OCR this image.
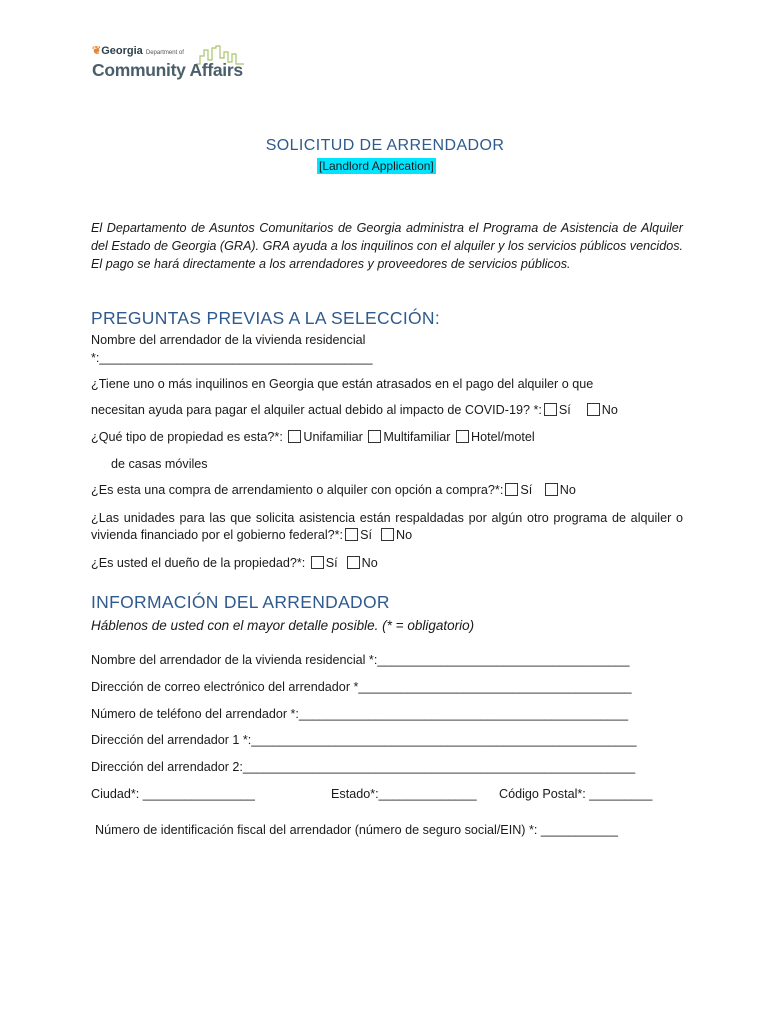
❦Georgia Department of
Community Affairs
SOLICITUD DE ARRENDADOR
[Landlord Application]
El Departamento de Asuntos Comunitarios de Georgia administra el Programa de Asistencia de Alquiler del Estado de Georgia (GRA). GRA ayuda a los inquilinos con el alquiler y los servicios públicos vencidos. El pago se hará directamente a los arrendadores y proveedores de servicios públicos.
PREGUNTAS PREVIAS A LA SELECCIÓN:
Nombre del arrendador de la vivienda residencial
*:_______________________________________
¿Tiene uno o más inquilinos en Georgia que están atrasados en el pago del alquiler o que
necesitan ayuda para pagar el alquiler actual debido al impacto de COVID-19? *: Sí No
¿Qué tipo de propiedad es esta?*: Unifamiliar Multifamiliar Hotel/motel
de casas móviles
¿Es esta una compra de arrendamiento o alquiler con opción a compra?*: Sí No
¿Las unidades para las que solicita asistencia están respaldadas por algún otro programa de alquiler o vivienda financiado por el gobierno federal?*: Sí No
¿Es usted el dueño de la propiedad?*: Sí No
INFORMACIÓN DEL ARRENDADOR
Háblenos de usted con el mayor detalle posible. (* = obligatorio)
Nombre del arrendador de la vivienda residencial *:____________________________________
Dirección de correo electrónico del arrendador *_______________________________________
Número de teléfono del arrendador *:_______________________________________________
Dirección del arrendador 1 *:_______________________________________________________
Dirección del arrendador 2:________________________________________________________
Ciudad*: ________________	Estado*:______________ Código Postal*: _________
Número de identificación fiscal del arrendador (número de seguro social/EIN) *: ___________
